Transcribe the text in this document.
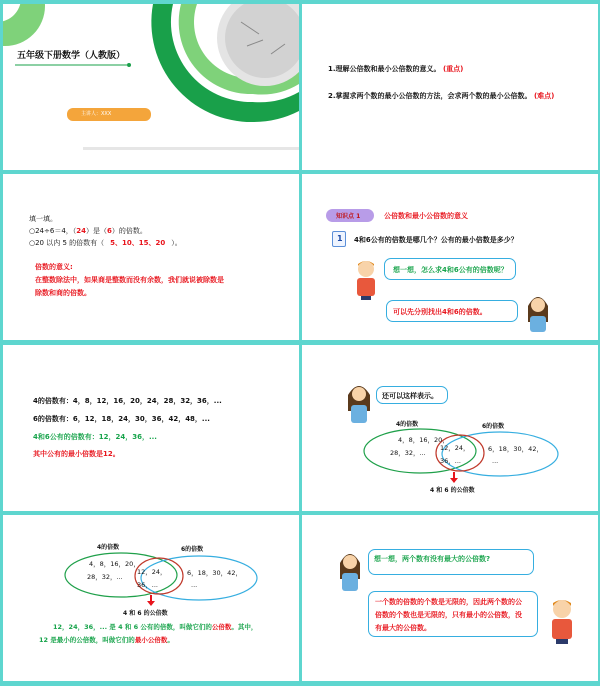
五年级下册数学（人教版）
主讲人：XXX
1.理解公倍数和最小公倍数的意义。 (重点)
2.掌握求两个数的最小公倍数的方法，会求两个数的最小公倍数。 (难点)
填一填。
○24÷6＝4，（24）是（6）的倍数。
○20 以内 5 的倍数有（ 5、10、15、20 ）。
倍数的意义:
在整数除法中，如果商是整数而没有余数，我们就说被除数是
除数和商的倍数。
知识点 1	公倍数和最小公倍数的意义
1 4和6公有的倍数是哪几个？公有的最小倍数是多少？
想一想，怎么求4和6公有的倍数呢？
可以先分别找出4和6的倍数。
4的倍数有：4，8，12，16，20，24，28，32，36，...
6的倍数有：6，12，18，24，30，36，42，48，...
4和6公有的倍数有：12，24，36，...
其中公有的最小倍数是12。
还可以这样表示。
4的倍数	6的倍数
4，8，16，20，
28，32，...
12，24，
36，...
6，18，30，42，
...
4 和 6 的公倍数
4的倍数	6的倍数
4，8，16，20，
28，32，...
12，24，
36，...
6，18，30，42，
...
4 和 6 的公倍数
12，24，36，... 是 4 和 6 公有的倍数，叫做它们的公倍数。其中，
12 是最小的公倍数，叫做它们的最小公倍数。
想一想，两个数有没有最大的公倍数?
一个数的倍数的个数是无限的，因此两个数的公
倍数的个数也是无限的，只有最小的公倍数，没
有最大的公倍数。
